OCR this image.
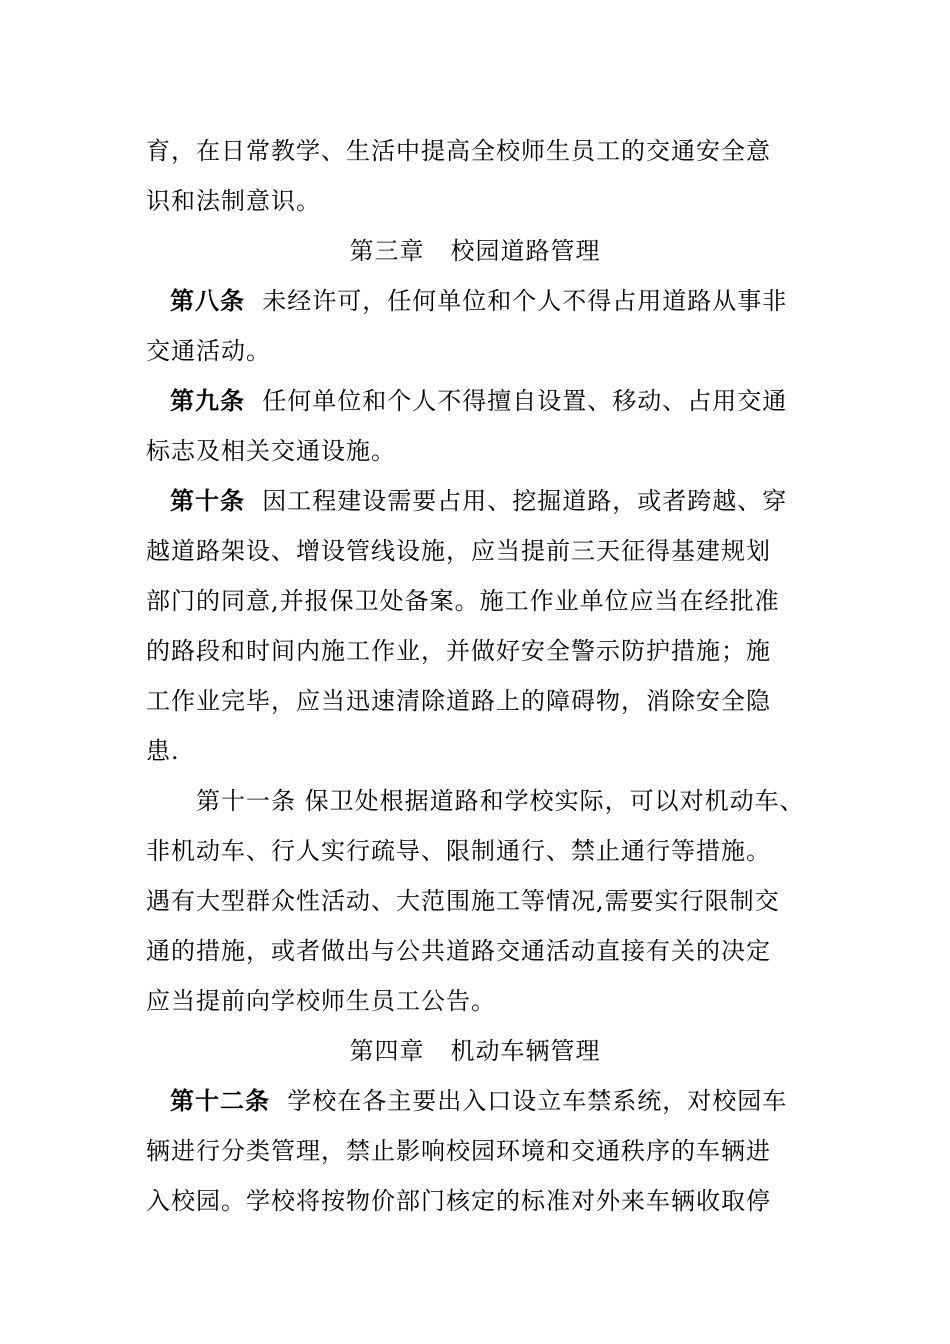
育，在日常教学、生活中提高全校师生员工的交通安全意
识和法制意识。
第三章 校园道路管理
第八条 未经许可，任何单位和个人不得占用道路从事非
交通活动。
第九条 任何单位和个人不得擅自设置、移动、占用交通
标志及相关交通设施。
第十条 因工程建设需要占用、挖掘道路，或者跨越、穿
越道路架设、增设管线设施，应当提前三天征得基建规划
部门的同意,并报保卫处备案。施工作业单位应当在经批准
的路段和时间内施工作业，并做好安全警示防护措施；施
工作业完毕，应当迅速清除道路上的障碍物，消除安全隐
患.
第十一条 保卫处根据道路和学校实际，可以对机动车、
非机动车、行人实行疏导、限制通行、禁止通行等措施。
遇有大型群众性活动、大范围施工等情况,需要实行限制交
通的措施，或者做出与公共道路交通活动直接有关的决定
应当提前向学校师生员工公告。
第四章 机动车辆管理
第十二条 学校在各主要出入口设立车禁系统，对校园车
辆进行分类管理，禁止影响校园环境和交通秩序的车辆进
入校园。学校将按物价部门核定的标准对外来车辆收取停
